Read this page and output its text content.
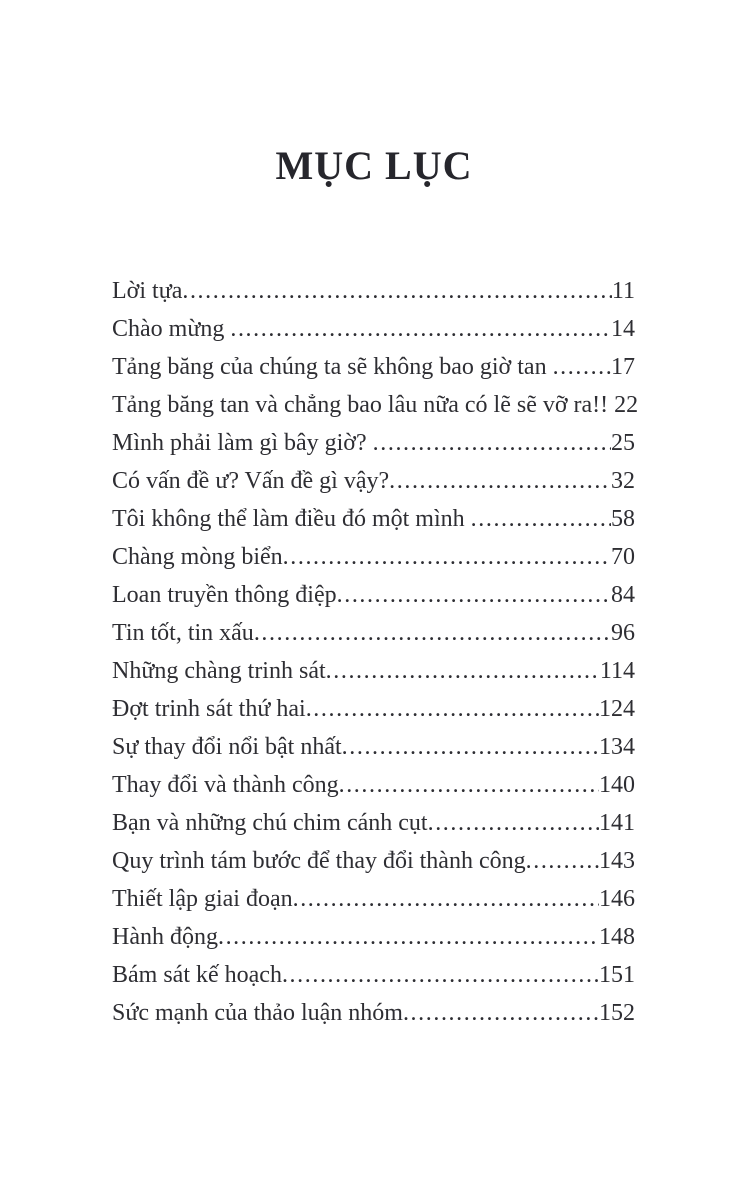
MỤC LỤC
Lời tựa .....	11
Chào mừng .....	14
Tảng băng của chúng ta sẽ không bao giờ tan ..... 17
Tảng băng tan và chẳng bao lâu nữa có lẽ sẽ vỡ ra!! 22
Mình phải làm gì bây giờ? .....	25
Có vấn đề ư? Vấn đề gì vậy? .....	32
Tôi không thể làm điều đó một mình .....	58
Chàng mòng biển .....	70
Loan truyền thông điệp .....	84
Tin tốt, tin xấu .....	96
Những chàng trinh sát .....	114
Đợt trinh sát thứ hai .....	124
Sự thay đổi nổi bật nhất .....	134
Thay đổi và thành công .....	140
Bạn và những chú chim cánh cụt .....	141
Quy trình tám bước để thay đổi thành công .....	143
Thiết lập giai đoạn .....	146
Hành động .....	148
Bám sát kế hoạch .....	151
Sức mạnh của thảo luận nhóm .....	152
